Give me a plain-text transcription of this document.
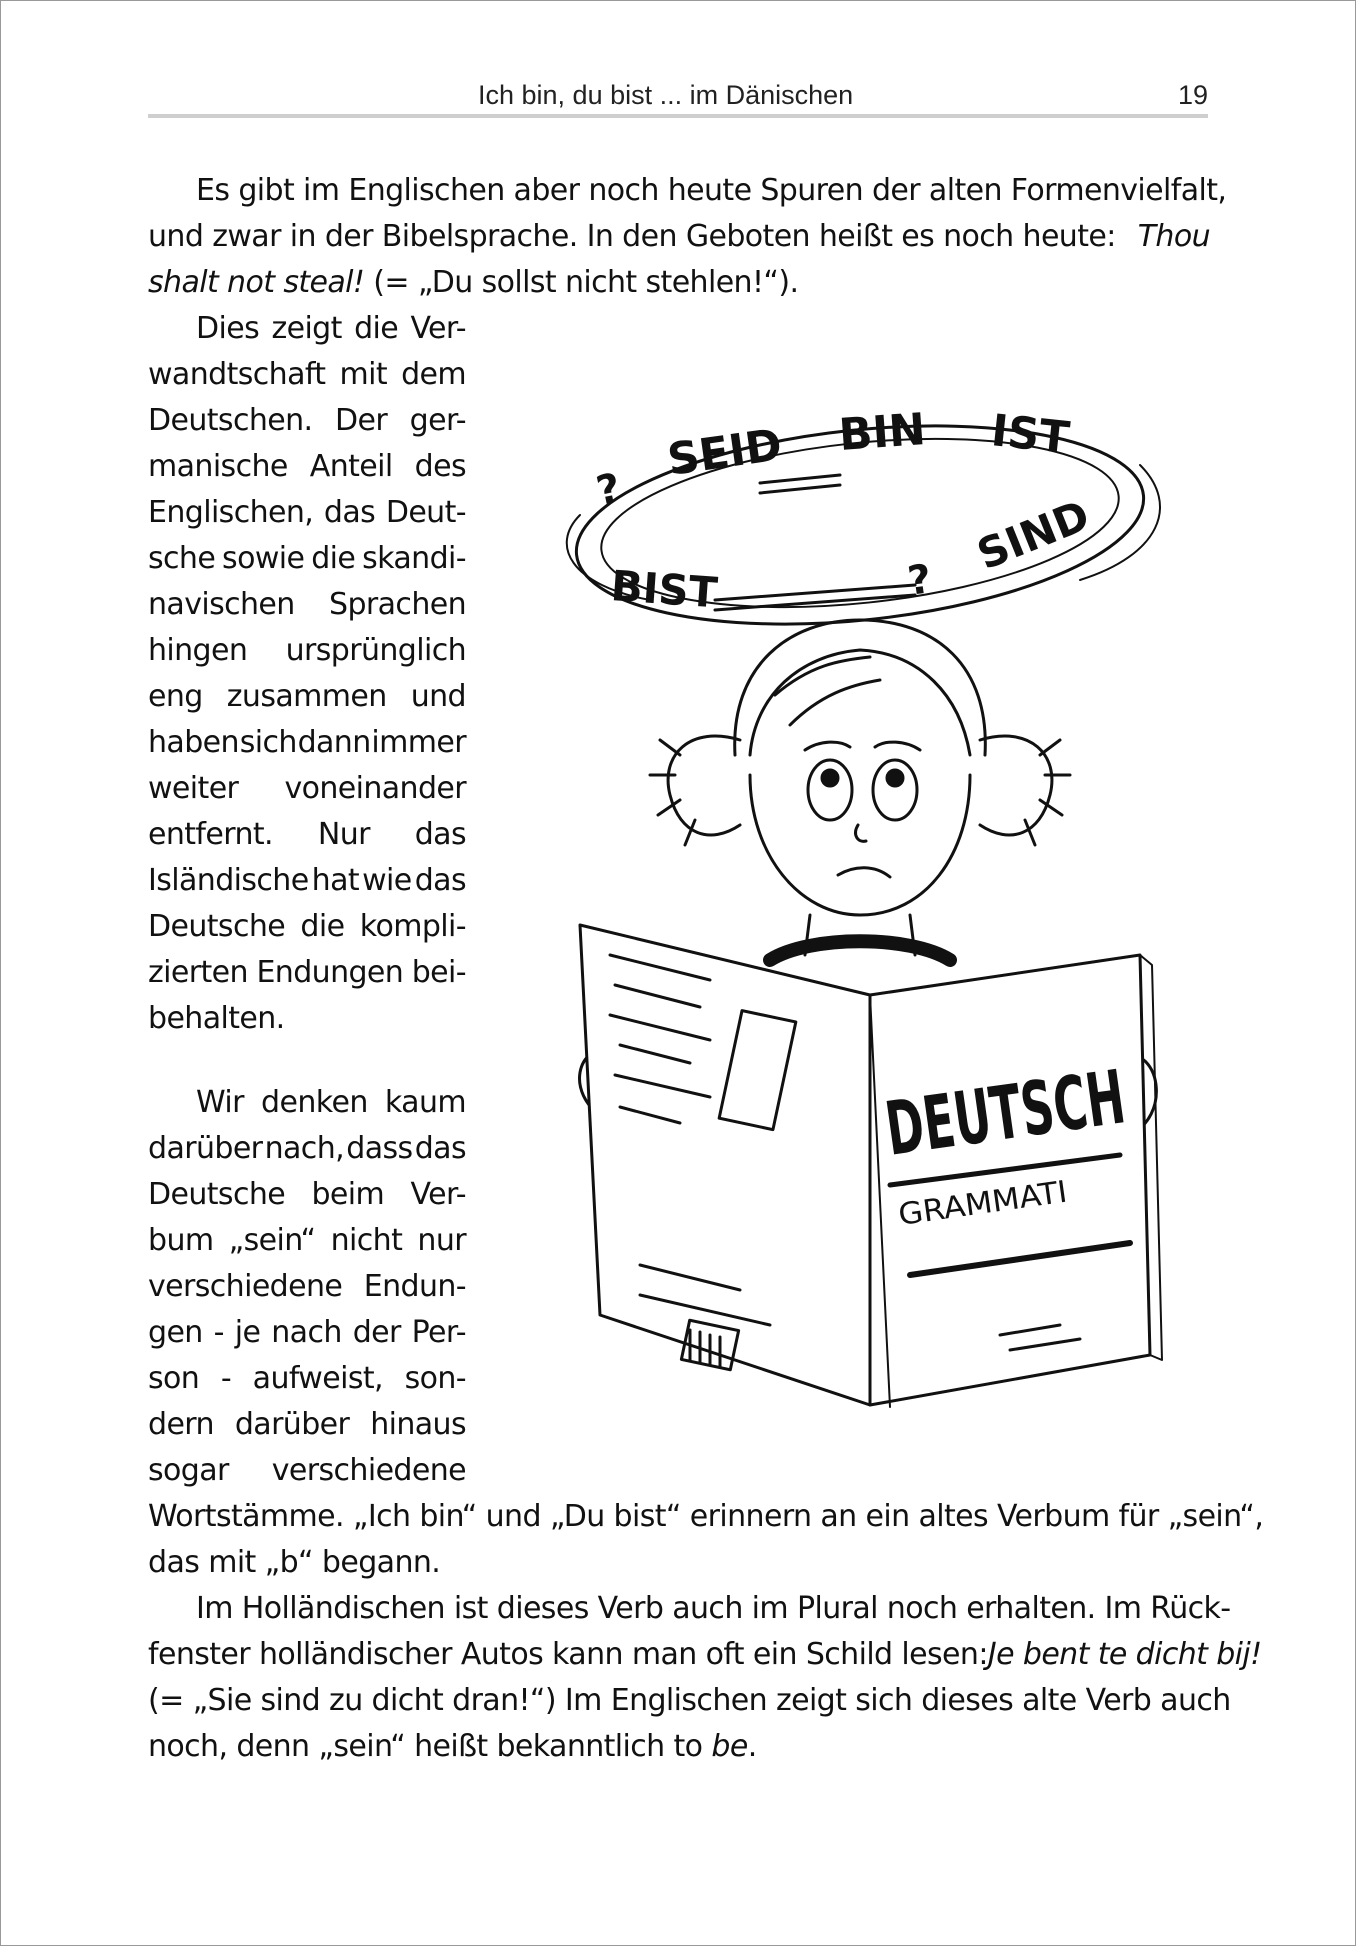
Ich bin, du bist ... im Dänischen	19
Es gibt im Englischen aber noch heute Spuren der alten Formenvielfalt,
und zwar in der Bibelsprache. In den Geboten heißt es noch heute: Thou
shalt not steal! (= „Du sollst nicht stehlen!“).
Dies zeigt die Ver-
wandtschaft mit dem
Deutschen. Der ger-
manische Anteil des
Englischen, das Deut-
sche sowie die skandi-
navischen Sprachen
hingen ursprünglich
eng zusammen und
haben sich dann immer
weiter voneinander
entfernt. Nur das
Isländische hat wie das
Deutsche die kompli-
zierten Endungen bei-
behalten.
Wir denken kaum
darüber nach, dass das
Deutsche beim Ver-
bum „sein“ nicht nur
verschiedene Endun-
gen - je nach der Per-
son - aufweist, son-
dern darüber hinaus
sogar verschiedene
Wortstämme. „Ich bin“ und „Du bist“ erinnern an ein altes Verbum für „sein“,
das mit „b“ begann.
Im Holländischen ist dieses Verb auch im Plural noch erhalten. Im Rück-
fenster holländischer Autos kann man oft ein Schild lesen: Je bent te dicht bij!
(= „Sie sind zu dicht dran!“) Im Englischen zeigt sich dieses alte Verb auch
noch, denn „sein“ heißt bekanntlich to be.
?
SEID BIN IST
BIST	?
SIND
DEUTSCH
GRAMMATI
